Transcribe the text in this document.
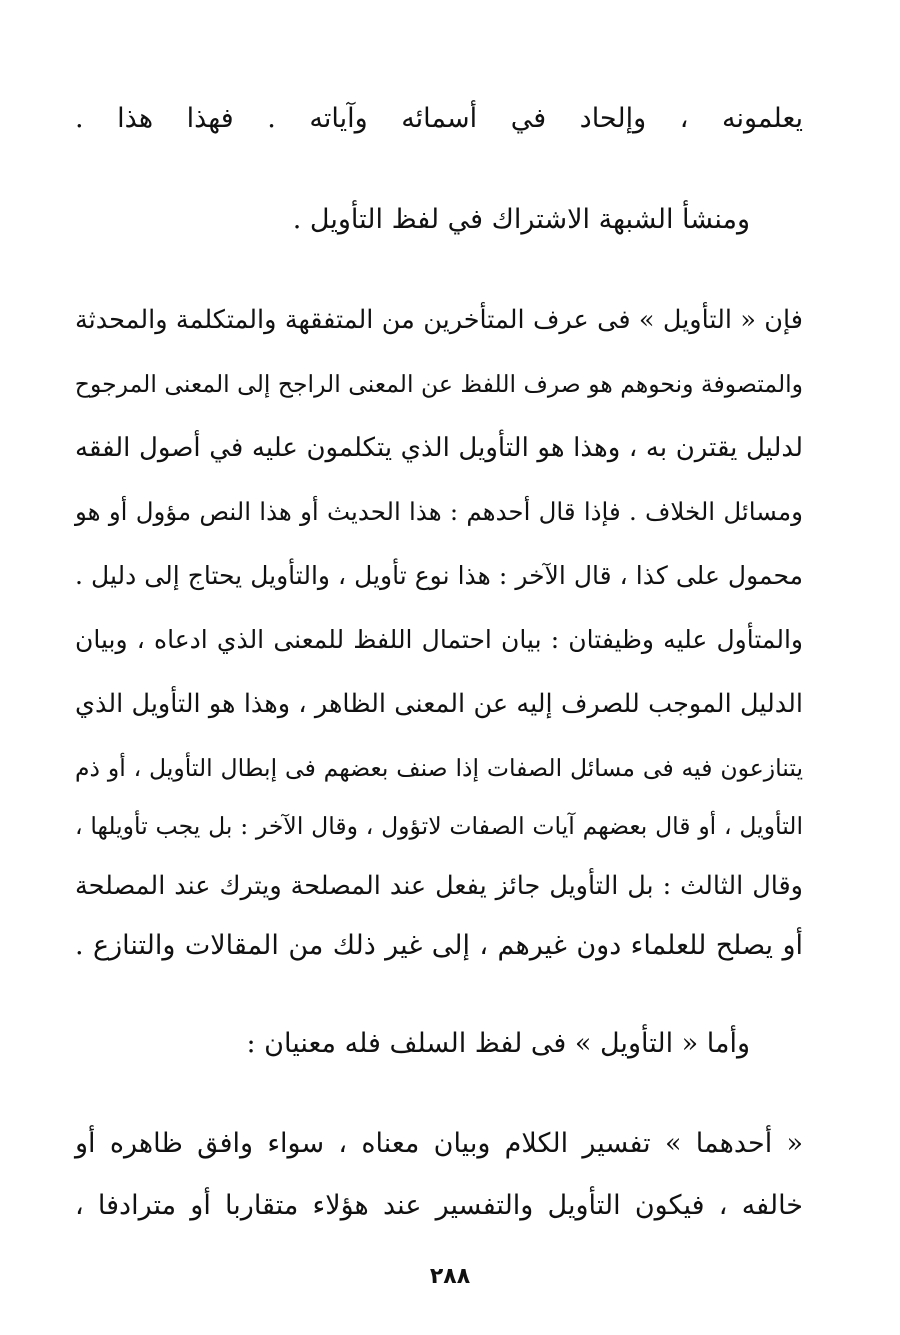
يعلمونه ، وإلحاد في أسمائه وآياته . فهذا هذا .
ومنشأ الشبهة الاشتراك في لفظ التأويل .
فإن « التأويل » فى عرف المتأخرين من المتفقهة والمتكلمة والمحدثة
والمتصوفة ونحوهم هو صرف اللفظ عن المعنى الراجح إلى المعنى المرجوح
لدليل يقترن به ، وهذا هو التأويل الذي يتكلمون عليه في أصول الفقه
ومسائل الخلاف . فإذا قال أحدهم : هذا الحديث أو هذا النص مؤول أو هو
محمول على كذا ، قال الآخر : هذا نوع تأويل ، والتأويل يحتاج إلى دليل .
والمتأول عليه وظيفتان : بيان احتمال اللفظ للمعنى الذي ادعاه ، وبيان
الدليل الموجب للصرف إليه عن المعنى الظاهر ، وهذا هو التأويل الذي
يتنازعون فيه فى مسائل الصفات إذا صنف بعضهم فى إبطال التأويل ، أو ذم
التأويل ، أو قال بعضهم آيات الصفات لاتؤول ، وقال الآخر : بل يجب تأويلها ،
وقال الثالث : بل التأويل جائز يفعل عند المصلحة ويترك عند المصلحة
أو يصلح للعلماء دون غيرهم ، إلى غير ذلك من المقالات والتنازع .
وأما « التأويل » فى لفظ السلف فله معنيان :
« أحدهما » تفسير الكلام وبيان معناه ، سواء وافق ظاهره أو
خالفه ، فيكون التأويل والتفسير عند هؤلاء متقاربا أو مترادفا ،
٢٨٨
